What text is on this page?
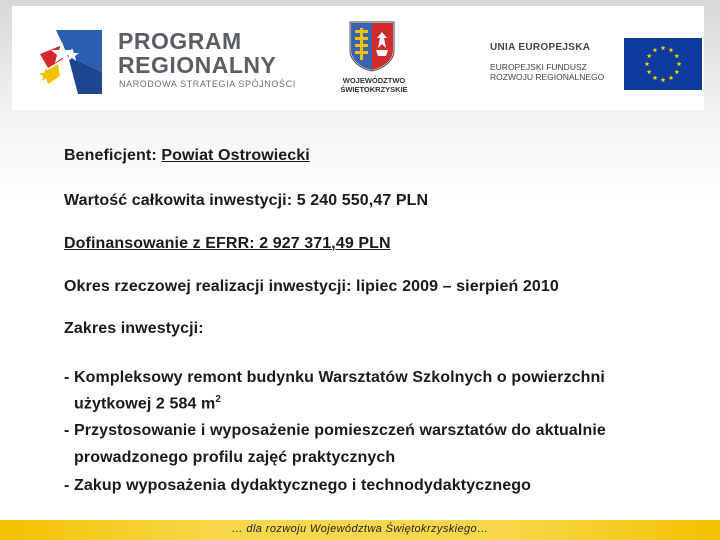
PROGRAM
REGIONALNY
NARODOWA STRATEGIA SPÓJNOŚCI	WOJEWÓDZTWO
ŚWIĘTOKRZYSKIE
UNIA EUROPEJSKA
EUROPEJSKI FUNDUSZ
ROZWOJU REGIONALNEGO
Beneficjent: Powiat Ostrowiecki
Wartość całkowita inwestycji: 5 240 550,47 PLN
Dofinansowanie z EFRR: 2 927 371,49 PLN
Okres rzeczowej realizacji inwestycji: lipiec 2009 – sierpień 2010
Zakres inwestycji:
- Kompleksowy remont budynku Warsztatów Szkolnych o powierzchni
użytkowej 2 584 $m^2$
- Przystosowanie i wyposażenie pomieszczeń warsztatów do aktualnie
prowadzonego profilu zajęć praktycznych
- Zakup wyposażenia dydaktycznego i technodydaktycznego
… dla rozwoju Województwa Świętokrzyskiego…
